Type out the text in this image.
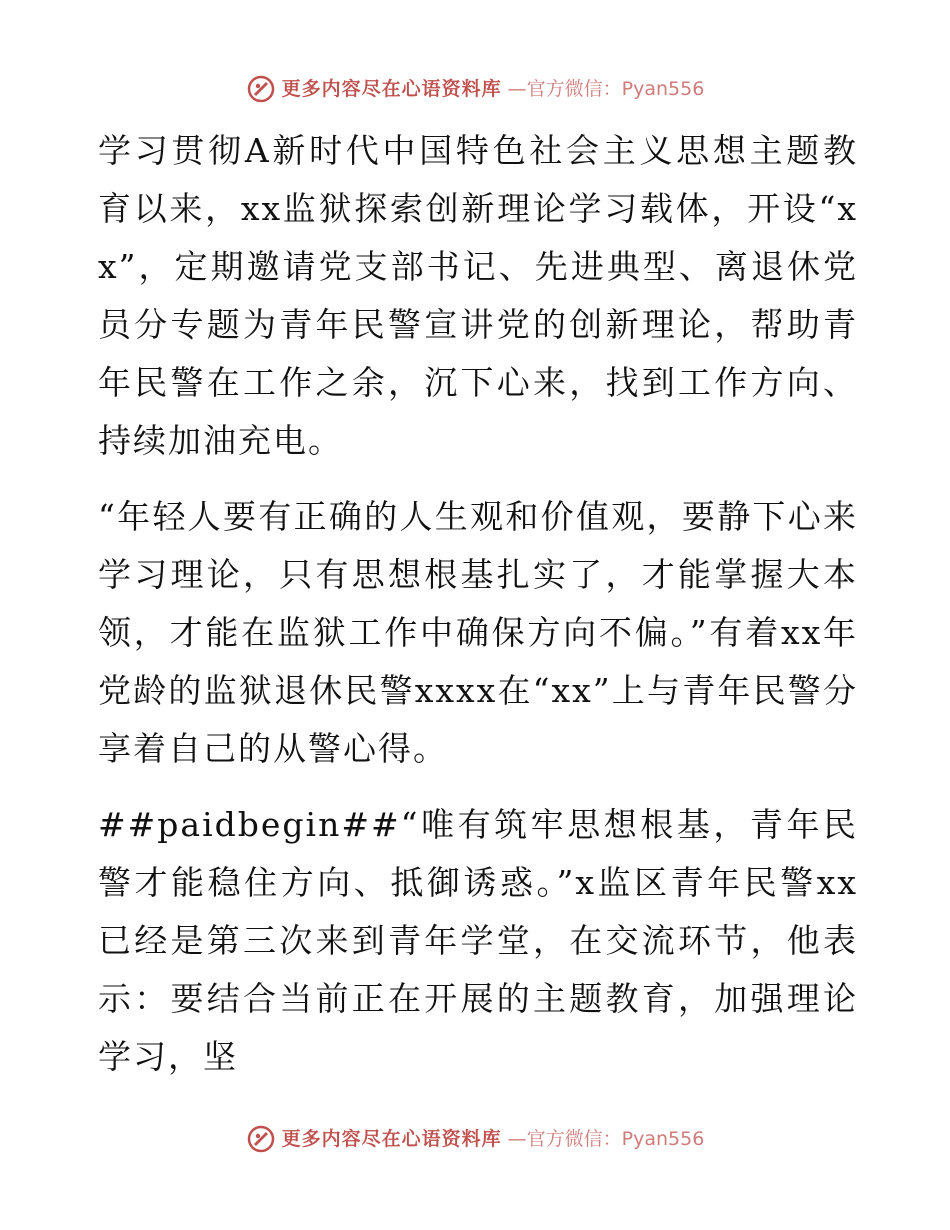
更多内容尽在心语资料库 —官方微信：Pyan556

学习贯彻A新时代中国特色社会主义思想主题教育以来，xx监狱探索创新理论学习载体，开设“xx”，定期邀请党支部书记、先进典型、离退休党员分专题为青年民警宣讲党的创新理论，帮助青年民警在工作之余，沉下心来，找到工作方向、持续加油充电。

“年轻人要有正确的人生观和价值观，要静下心来学习理论，只有思想根基扎实了，才能掌握大本领，才能在监狱工作中确保方向不偏。”有着xx年党龄的监狱退休民警xxxx在“xx”上与青年民警分享着自己的从警心得。

##paidbegin##“唯有筑牢思想根基，青年民警才能稳住方向、抵御诱惑。”x监区青年民警xx已经是第三次来到青年学堂，在交流环节，他表示：要结合当前正在开展的主题教育，加强理论学习，坚

更多内容尽在心语资料库 —官方微信：Pyan556
